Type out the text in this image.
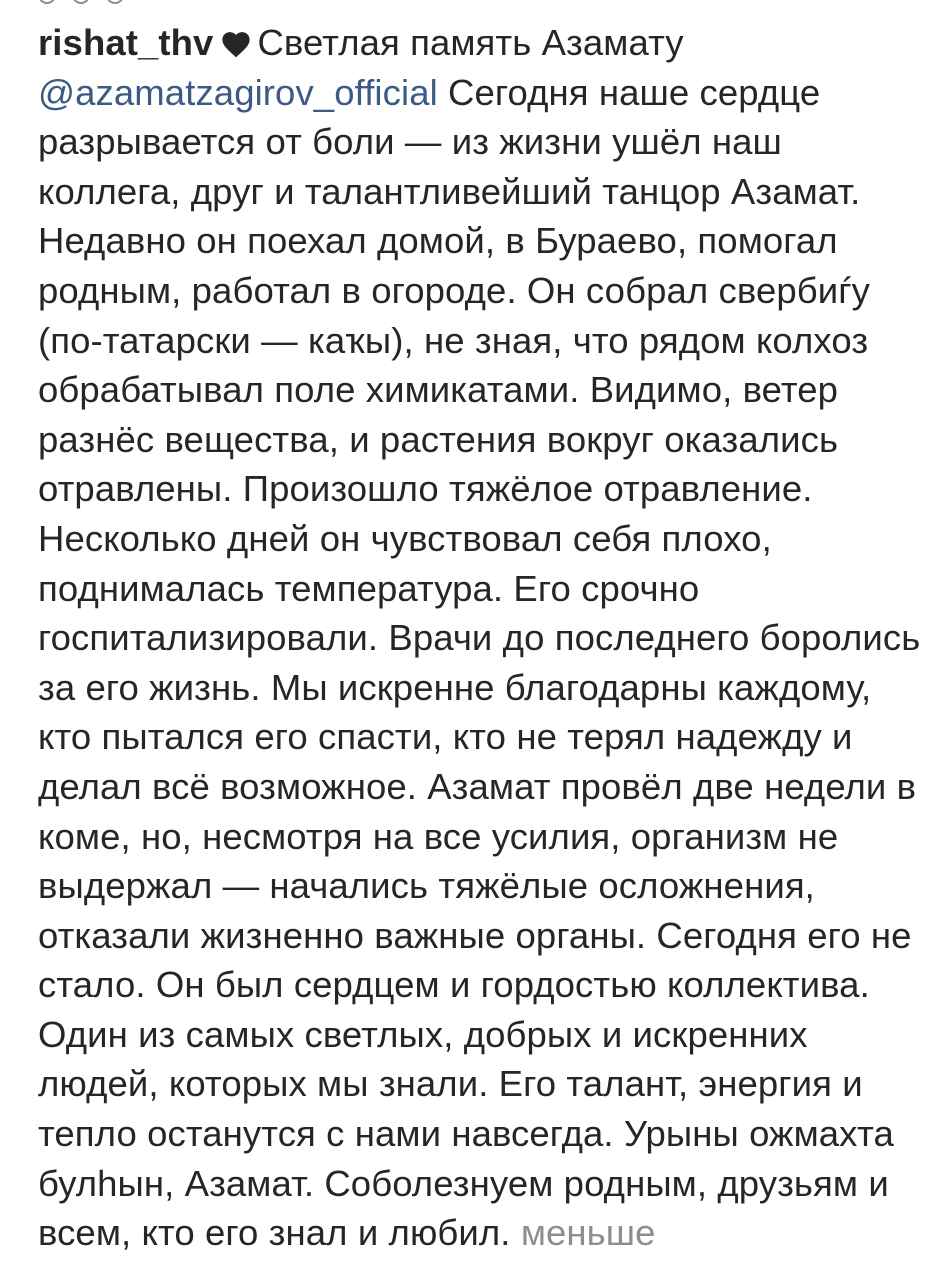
rishat_thv Светлая память Азамату
@azamatzagirov_official Сегодня наше сердце разрывается от боли — из жизни ушёл наш коллега, друг и талантливейший танцор Азамат. Недавно он поехал домой, в Бураево, помогал родным, работал в огороде. Он собрал свербиѓу (по-татарски — каҡы), не зная, что рядом колхоз обрабатывал поле химикатами. Видимо, ветер разнёс вещества, и растения вокруг оказались отравлены. Произошло тяжёлое отравление. Несколько дней он чувствовал себя плохо, поднималась температура. Его срочно госпитализировали. Врачи до последнего боролись за его жизнь. Мы искренне благодарны каждому, кто пытался его спасти, кто не терял надежду и делал всё возможное. Азамат провёл две недели в коме, но, несмотря на все усилия, организм не выдержал — начались тяжёлые осложнения, отказали жизненно важные органы. Сегодня его не стало. Он был сердцем и гордостью коллектива. Один из самых светлых, добрых и искренних людей, которых мы знали. Его талант, энергия и тепло останутся с нами навсегда. Урыны ожмахта булһын, Азамат. Соболезнуем родным, друзьям и всем, кто его знал и любил. меньше
